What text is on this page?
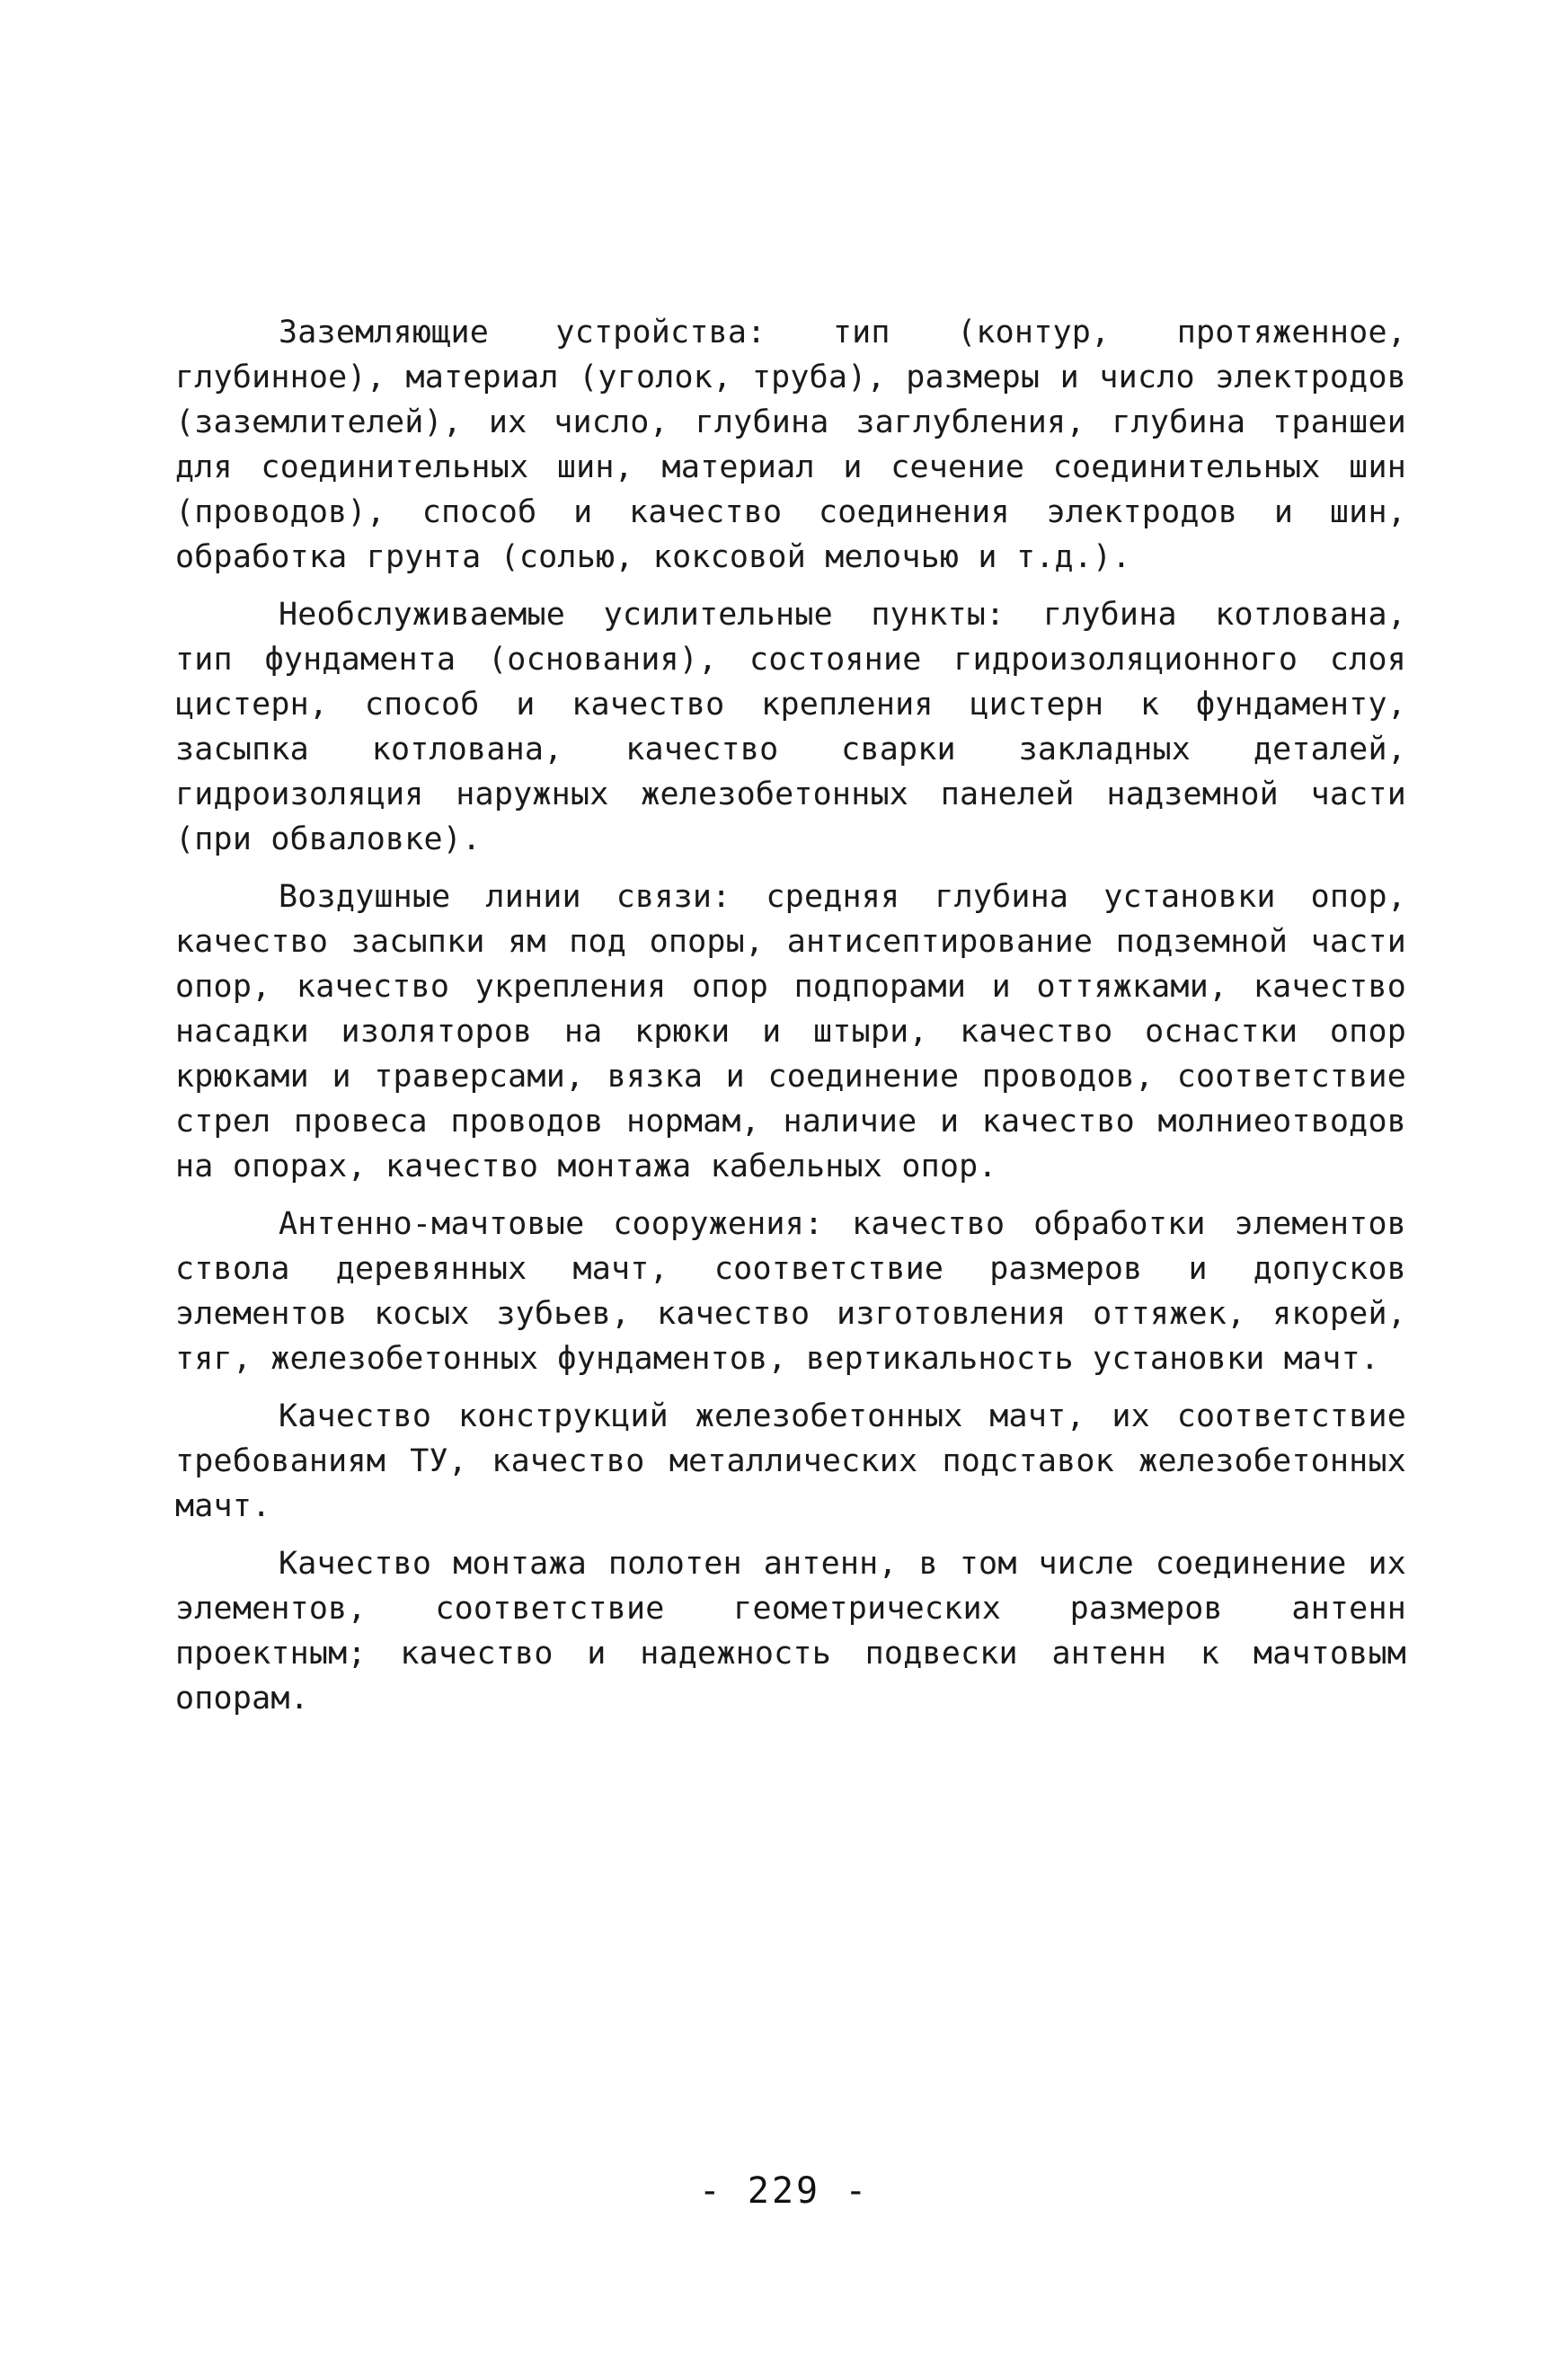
Заземляющие устройства: тип (контур, протяженное, глубинное), материал (уголок, труба), размеры и число электродов (заземлителей), их число, глубина заглубления, глубина траншеи для соединительных шин, материал и сечение соединительных шин (проводов), способ и качество соединения электродов и шин, обработка грунта (солью, коксовой мелочью и т.д.).

Необслуживаемые усилительные пункты: глубина котлована, тип фундамента (основания), состояние гидроизоляционного слоя цистерн, способ и качество крепления цистерн к фундаменту, засыпка котлована, качество сварки закладных деталей, гидроизоляция наружных железобетонных панелей надземной части (при обваловке).

Воздушные линии связи: средняя глубина установки опор, качество засыпки ям под опоры, антисептирование подземной части опор, качество укрепления опор подпорами и оттяжками, качество насадки изоляторов на крюки и штыри, качество оснастки опор крюками и траверсами, вязка и соединение проводов, соответствие стрел провеса проводов нормам, наличие и качество молниеотводов на опорах, качество монтажа кабельных опор.

Антенно-мачтовые сооружения: качество обработки элементов ствола деревянных мачт, соответствие размеров и допусков элементов косых зубьев, качество изготовления оттяжек, якорей, тяг, железобетонных фундаментов, вертикальность установки мачт.

Качество конструкций железобетонных мачт, их соответствие требованиям ТУ, качество металлических подставок железобетонных мачт.

Качество монтажа полотен антенн, в том числе соединение их элементов, соответствие геометрических размеров антенн проектным; качество и надежность подвески антенн к мачтовым опорам.

- 229 -
